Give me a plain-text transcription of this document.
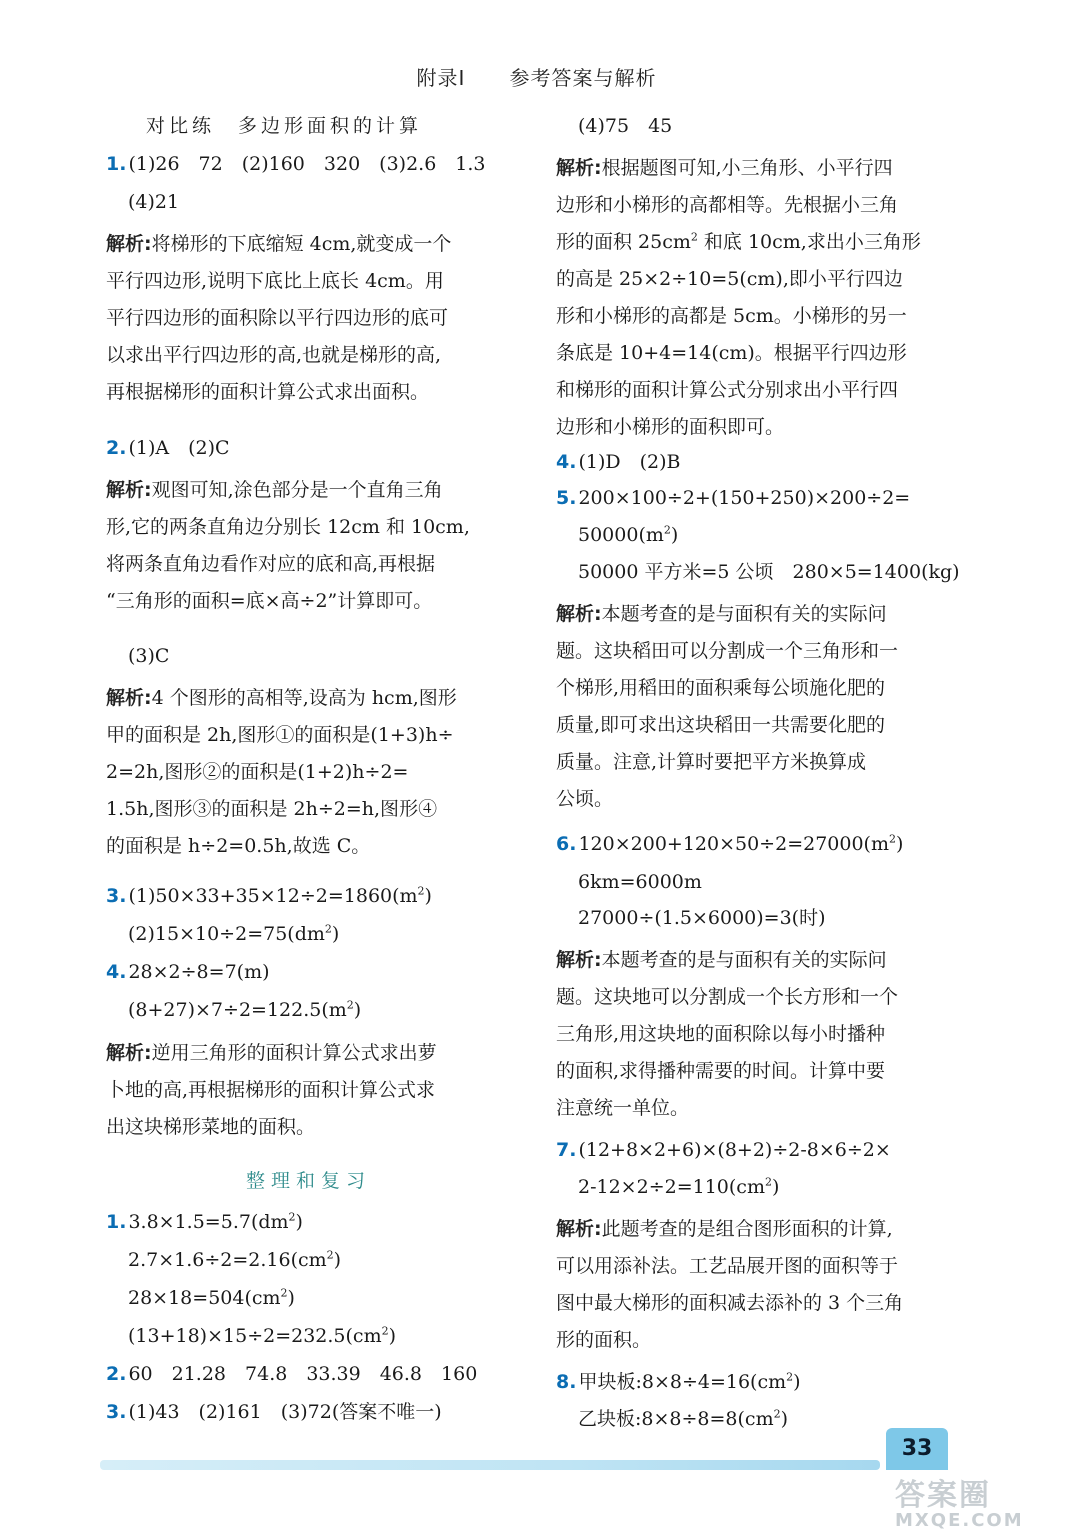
附录Ⅰ 参考答案与解析
对比练　多边形面积的计算
1. (1)26　72　(2)160　320　(3)2.6　1.3
(4)21
解析:将梯形的下底缩短 4cm,就变成一个
平行四边形,说明下底比上底长 4cm。用
平行四边形的面积除以平行四边形的底可
以求出平行四边形的高,也就是梯形的高,
再根据梯形的面积计算公式求出面积。
2. (1)A　(2)C
解析:观图可知,涂色部分是一个直角三角
形,它的两条直角边分别长 12cm 和 10cm,
将两条直角边看作对应的底和高,再根据
“三角形的面积=底×高÷2”计算即可。
(3)C
解析:4 个图形的高相等,设高为 hcm,图形
甲的面积是 2h,图形①的面积是(1+3)h÷
2=2h,图形②的面积是(1+2)h÷2=
1.5h,图形③的面积是 2h÷2=h,图形④
的面积是 h÷2=0.5h,故选 C。
3. $(1)50\times 33+35\times 12\div 2=1860(m^2)$
$(2)15\times 10\div 2=75(dm^2)$
4. 28×2÷8=7(m)
$(8+27)\times 7\div 2=122.5(m^2)$
解析:逆用三角形的面积计算公式求出萝
卜地的高,再根据梯形的面积计算公式求
出这块梯形菜地的面积。
整理和复习
1. $3.8\times 1.5=5.7(dm^2)$
$2.7\times 1.6\div 2=2.16(cm^2)$
$28\times 18=504(cm^2)$
$(13+18)\times 15\div 2=232.5(cm^2)$
2. 60　21.28　74.8　33.39　46.8　160
3. (1)43　(2)161　(3)72(答案不唯一)
(4)75　45
解析:根据题图可知,小三角形、小平行四
边形和小梯形的高都相等。先根据小三角
形的面积 $25cm^2$ 和底 10cm,求出小三角形
的高是 25×2÷10=5(cm),即小平行四边
形和小梯形的高都是 5cm。小梯形的另一
条底是 10+4=14(cm)。根据平行四边形
和梯形的面积计算公式分别求出小平行四
边形和小梯形的面积即可。
4. (1)D　(2)B
5. 200×100÷2+(150+250)×200÷2=
$50000(m^2)$
50000 平方米=5 公顷　280×5=1400(kg)
解析:本题考查的是与面积有关的实际问
题。这块稻田可以分割成一个三角形和一
个梯形,用稻田的面积乘每公顷施化肥的
质量,即可求出这块稻田一共需要化肥的
质量。注意,计算时要把平方米换算成
公顷。
6. $120\times 200+120\times 50\div 2=27000(m^2)$
6km=6000m
27000÷(1.5×6000)=3(时)
解析:本题考查的是与面积有关的实际问
题。这块地可以分割成一个长方形和一个
三角形,用这块地的面积除以每小时播种
的面积,求得播种需要的时间。计算中要
注意统一单位。
7. (12+8×2+6)×(8+2)÷2-8×6÷2×
$2-12\times 2\div 2=110(cm^2)$
解析:此题考查的是组合图形面积的计算,
可以用添补法。工艺品展开图的面积等于
图中最大梯形的面积减去添补的 3 个三角
形的面积。
8. 甲块板$:8\times 8\div 4=16(cm^2)$
乙块板$:8\times 8\div 8=8(cm^2)$
33
答案圈
MXQE.COM
